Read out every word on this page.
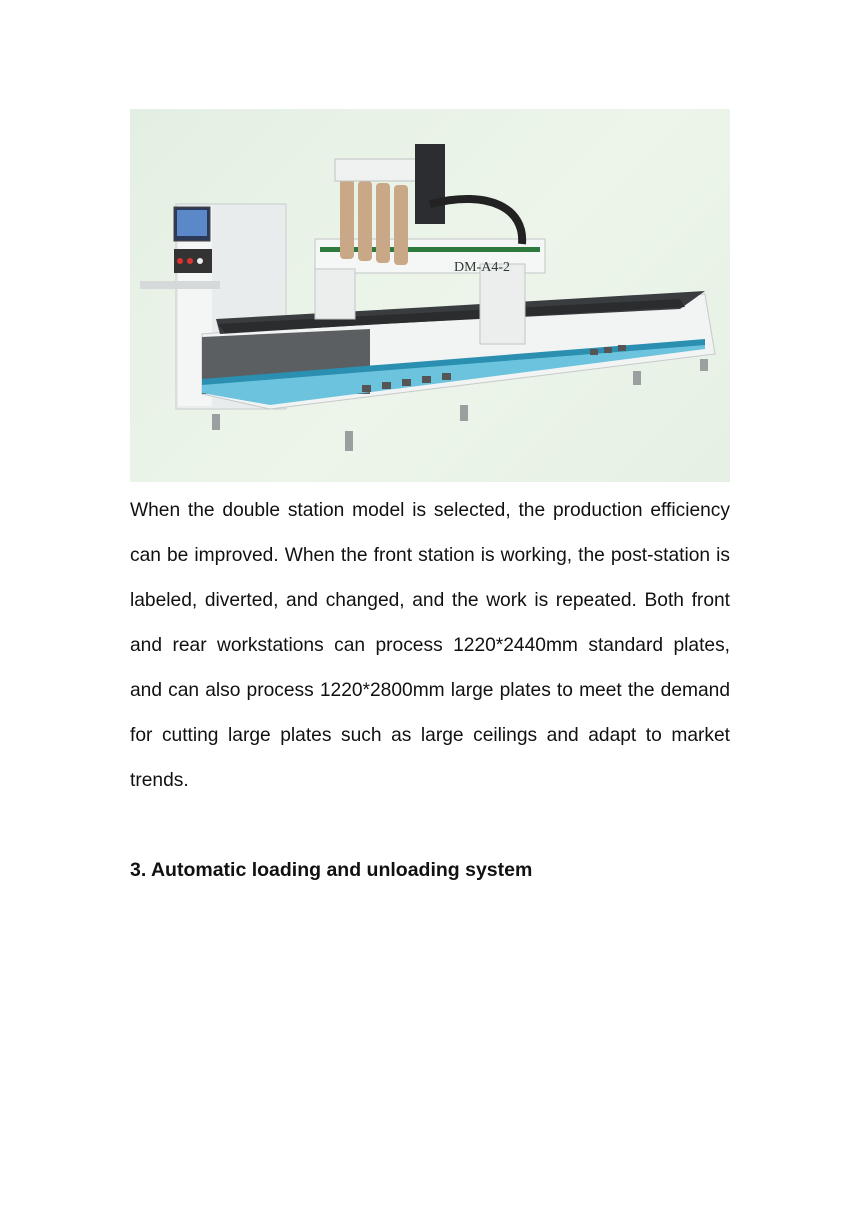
DM-A4-2

When the double station model is selected, the production efficiency can be improved. When the front station is working, the post-station is labeled, diverted, and changed, and the work is repeated. Both front and rear workstations can process 1220*2440mm standard plates, and can also process 1220*2800mm large plates to meet the demand for cutting large plates such as large ceilings and adapt to market trends.

3. Automatic loading and unloading system
